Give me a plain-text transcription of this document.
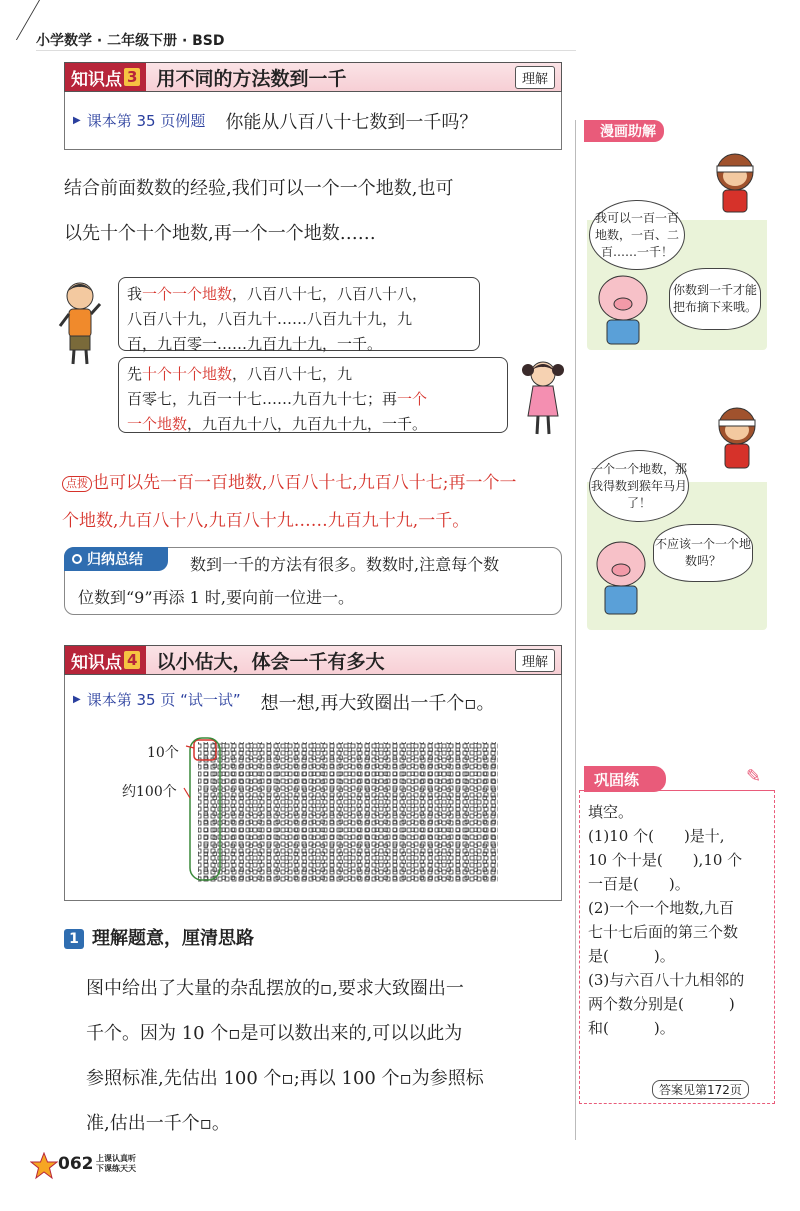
小学数学 · 二年级下册 · BSD
知识点 3 用不同的方法数到一千	理解
▶ 课本第 35 页例题 你能从八百八十七数到一千吗？
结合前面数数的经验,我们可以一个一个地数,也可
以先十个十个地数,再一个一个地数……
我一个一个地数，八百八十七，八百八十八，
八百八十九，八百九十……八百九十九，九
百，九百零一……九百九十九，一千。
先十个十个地数，八百八十七，九
百零七，九百一十七……九百九十七；再一个
一个地数，九百九十八，九百九十九，一千。
点拨 也可以先一百一百地数,八百八十七,九百八十七;再一个一
个地数,九百八十八,九百八十九……九百九十九,一千。
归纳总结	数到一千的方法有很多。数数时,注意每个数
位数到“9”再添 1 时,要向前一位进一。
知识点 4 以小估大，体会一千有多大	理解
▶ 课本第 35 页 “试一试” 想一想,再大致圈出一千个▫。
10个
约100个
1 理解题意，厘清思路
图中给出了大量的杂乱摆放的▫,要求大致圈出一
千个。因为 10 个▫是可以数出来的,可以以此为
参照标准,先估出 100 个▫;再以 100 个▫为参照标
准,估出一千个▫。
漫画助解
我可以一百一百地数，一百、二百……一千！
你数到一千才能把布摘下来哦。
一个一个地数，那我得数到猴年马月了！
不应该一个一个地数吗？
巩固练	✎
填空。
(1)10 个(　　)是十,
10 个十是(　　),10 个
一百是(　　)。
(2)一个一个地数,九百
七十七后面的第三个数
是(　　　)。
(3)与六百八十九相邻的
两个数分别是(　　　)
和(　　　)。
答案见第172页
062 上课认真听
下课练天天
